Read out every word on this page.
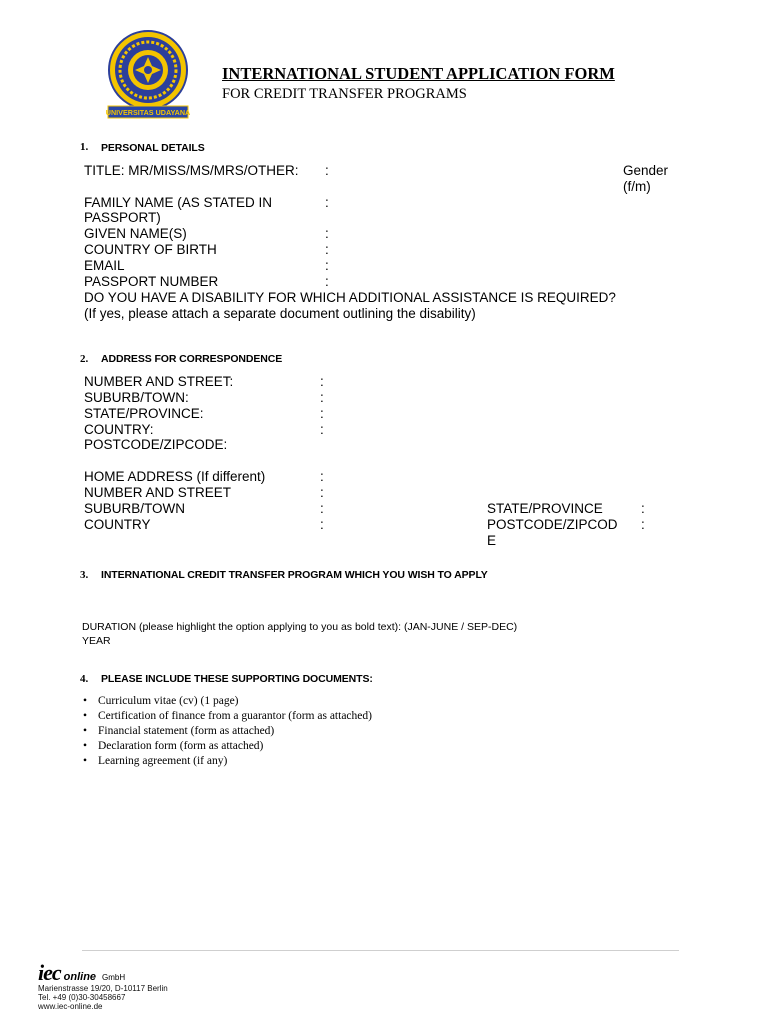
UNIVERSITAS UDAYANA
INTERNATIONAL STUDENT APPLICATION FORM
FOR CREDIT TRANSFER PROGRAMS
1. PERSONAL DETAILS
TITLE: MR/MISS/MS/MRS/OTHER: :	Gender
(f/m)
FAMILY NAME (AS STATED IN	:
PASSPORT)
GIVEN NAME(S)	:
COUNTRY OF BIRTH	:
EMAIL	:
PASSPORT NUMBER	:
DO YOU HAVE A DISABILITY FOR WHICH ADDITIONAL ASSISTANCE IS REQUIRED?
(If yes, please attach a separate document outlining the disability)
2. ADDRESS FOR CORRESPONDENCE
NUMBER AND STREET:	:
SUBURB/TOWN:	:
STATE/PROVINCE:	:
COUNTRY:	:
POSTCODE/ZIPCODE:
HOME ADDRESS (If different)	:
NUMBER AND STREET	:
SUBURB/TOWN	:
COUNTRY	:
STATE/PROVINCE	:
POSTCODE/ZIPCOD :
E
3. INTERNATIONAL CREDIT TRANSFER PROGRAM WHICH YOU WISH TO APPLY
DURATION (please highlight the option applying to you as bold text): (JAN-JUNE / SEP-DEC)
YEAR
4. PLEASE INCLUDE THESE SUPPORTING DOCUMENTS:
• Curriculum vitae (cv) (1 page)
• Certification of finance from a guarantor (form as attached)
• Financial statement (form as attached)
• Declaration form (form as attached)
• Learning agreement (if any)
iec online GmbH
Marienstrasse 19/20, D-10117 Berlin
Tel. +49 (0)30-30458667
www.iec-online.de
